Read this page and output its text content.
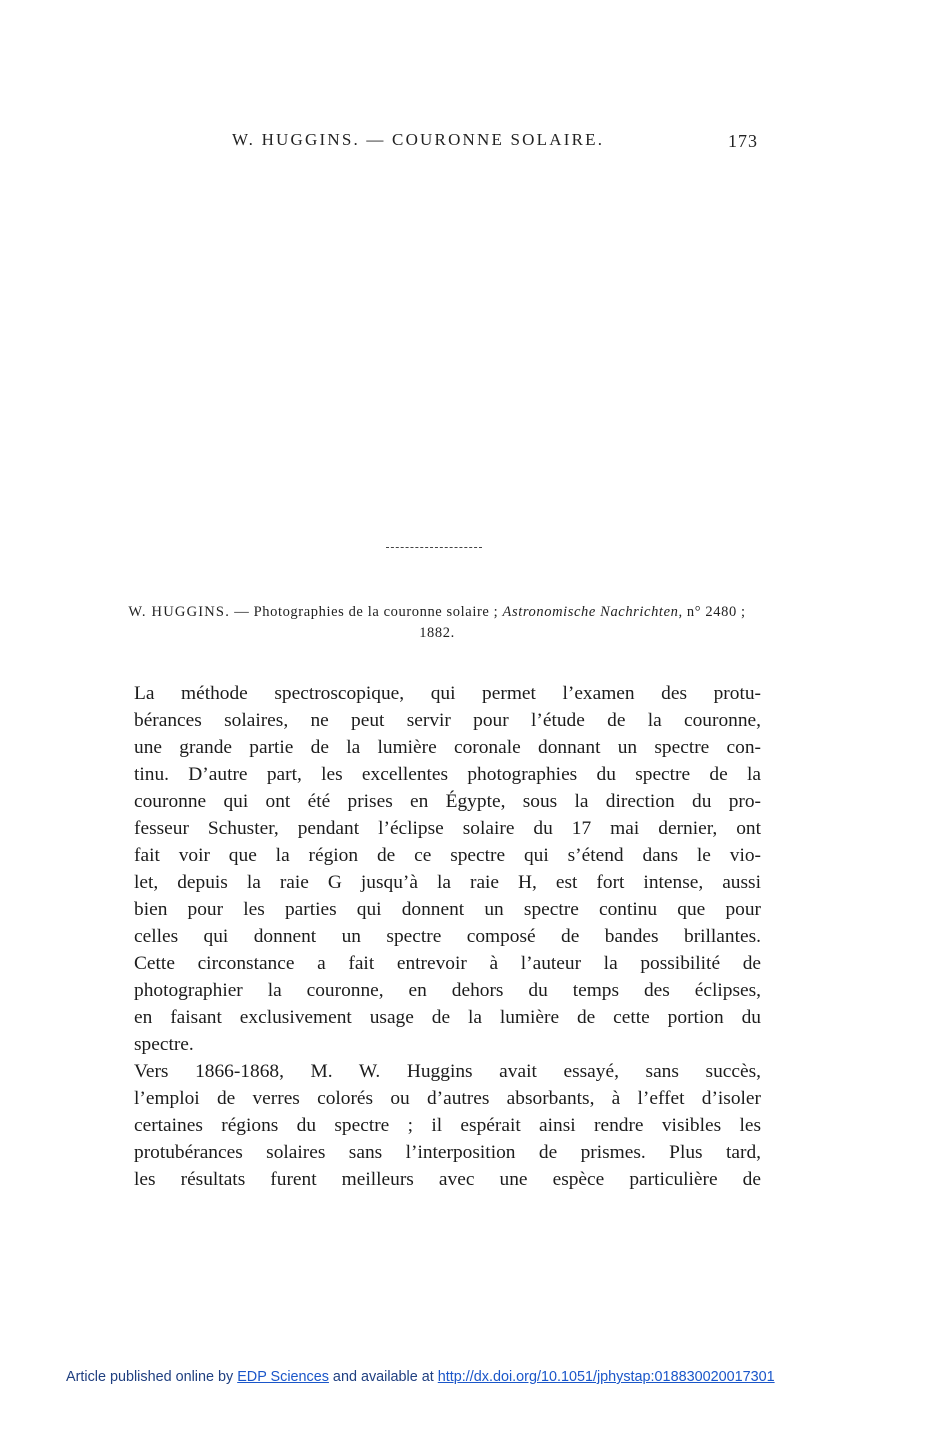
W. HUGGINS. — COURONNE SOLAIRE.	173
W. HUGGINS. — Photographies de la couronne solaire ; Astronomische Nachrichten, n° 2480 ; 1882.

La méthode spectroscopique, qui permet l’examen des protu-
bérances solaires, ne peut servir pour l’étude de la couronne,
une grande partie de la lumière coronale donnant un spectre con-
tinu. D’autre part, les excellentes photographies du spectre de la
couronne qui ont été prises en Égypte, sous la direction du pro-
fesseur Schuster, pendant l’éclipse solaire du 17 mai dernier, ont
fait voir que la région de ce spectre qui s’étend dans le vio-
let, depuis la raie G jusqu’à la raie H, est fort intense, aussi
bien pour les parties qui donnent un spectre continu que pour
celles qui donnent un spectre composé de bandes brillantes.
Cette circonstance a fait entrevoir à l’auteur la possibilité de
photographier la couronne, en dehors du temps des éclipses,
en faisant exclusivement usage de la lumière de cette portion du
spectre.

Vers 1866-1868, M. W. Huggins avait essayé, sans succès,
l’emploi de verres colorés ou d’autres absorbants, à l’effet d’isoler
certaines régions du spectre ; il espérait ainsi rendre visibles les
protubérances solaires sans l’interposition de prismes. Plus tard,
les résultats furent meilleurs avec une espèce particulière de

Article published online by EDP Sciences and available at http://dx.doi.org/10.1051/jphystap:018830020017301
